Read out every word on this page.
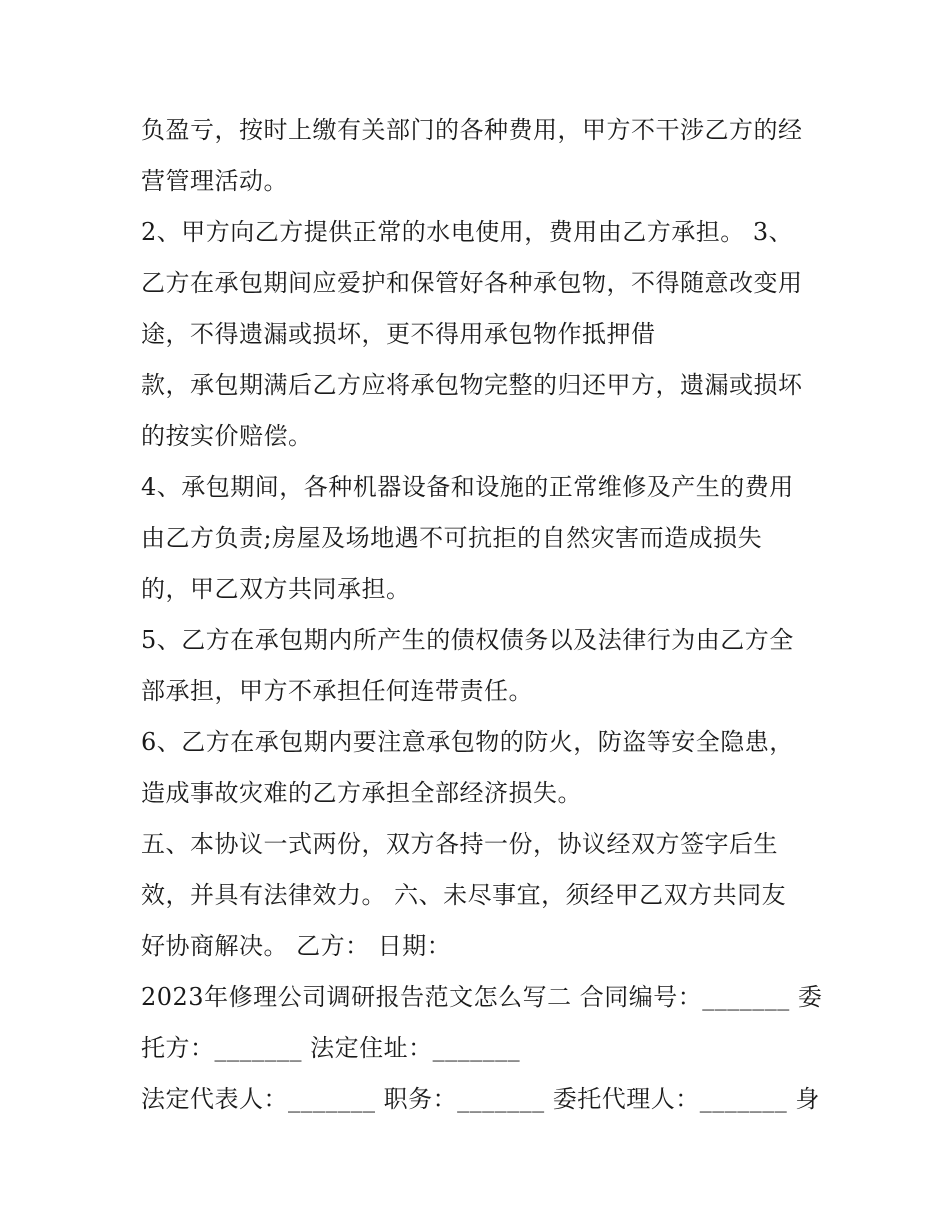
负盈亏，按时上缴有关部门的各种费用，甲方不干涉乙方的经
营管理活动。
2、甲方向乙方提供正常的水电使用，费用由乙方承担。 3、
乙方在承包期间应爱护和保管好各种承包物，不得随意改变用
途，不得遗漏或损坏，更不得用承包物作抵押借
款，承包期满后乙方应将承包物完整的归还甲方，遗漏或损坏
的按实价赔偿。
4、承包期间，各种机器设备和设施的正常维修及产生的费用
由乙方负责;房屋及场地遇不可抗拒的自然灾害而造成损失
的，甲乙双方共同承担。
5、乙方在承包期内所产生的债权债务以及法律行为由乙方全
部承担，甲方不承担任何连带责任。
6、乙方在承包期内要注意承包物的防火，防盗等安全隐患，
造成事故灾难的乙方承担全部经济损失。
五、本协议一式两份，双方各持一份，协议经双方签字后生
效，并具有法律效力。 六、未尽事宜，须经甲乙双方共同友
好协商解决。 乙方： 日期：
2023年修理公司调研报告范文怎么写二 合同编号：_______ 委
托方：_______ 法定住址：_______
法定代表人：_______ 职务：_______ 委托代理人：_______ 身
